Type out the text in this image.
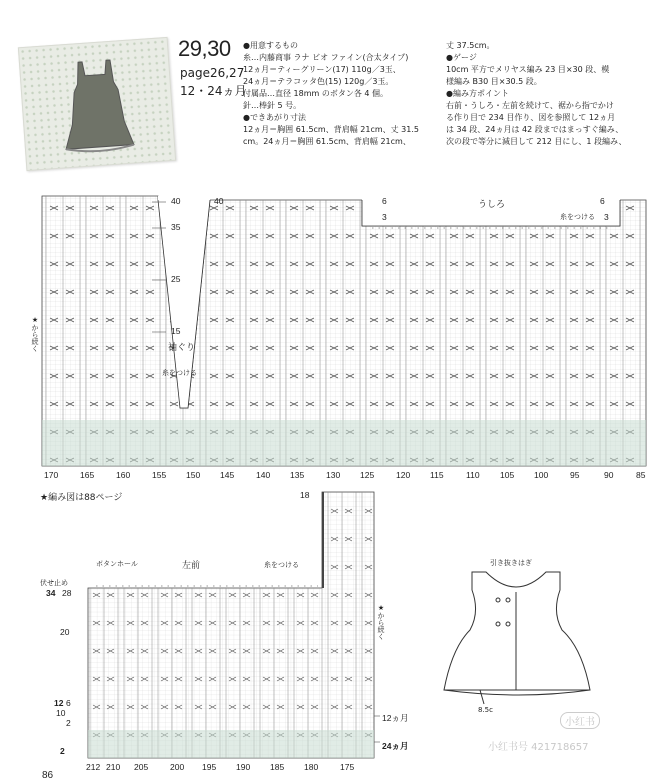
29,30
page26,27
12・24ヵ月
●用意するもの
糸…内藤商事 ラナ ビオ ファイン(合太タイプ)
12ヵ月＝ティーグリーン(17) 110g／3玉、
24ヵ月＝テラコッタ色(15) 120g／3玉。
付属品…直径 18mm のボタン各 4 個。
針…棒針 5 号。
●できあがり寸法
12ヵ月＝胸囲 61.5cm、背肩幅 21cm、丈 31.5
cm。24ヵ月＝胸囲 61.5cm、背肩幅 21cm、
丈 37.5cm。
●ゲージ
10cm 平方でメリヤス編み 23 目×30 段、模
様編み B30 目×30.5 段。
●編み方ポイント
右前・うしろ・左前を続けて、裾から指でかけ
る作り目で 234 目作り、図を参照して 12ヵ月
は 34 段、24ヵ月は 42 段まではまっすぐ編み、
次の段で等分に減目して 212 目にし、1 段編み、
40
35
25
15
40
袖ぐり
糸をつける
★から続く
うしろ
6
3
6
糸をつける 3
170	165	160	155 150 145	140 135	130 125	120 115	110 105 100	95	90	85
★編み図は88ページ
ボタンホール	左前	糸をつける
伏せ止め
34 28
18
20
12 6
10
2
2
★から続く
12ヵ月
24ヵ月
212 210 205	200 195 190 185 180	175
引き抜きはぎ
8.5c
小红书
小红书号 421718657
86
